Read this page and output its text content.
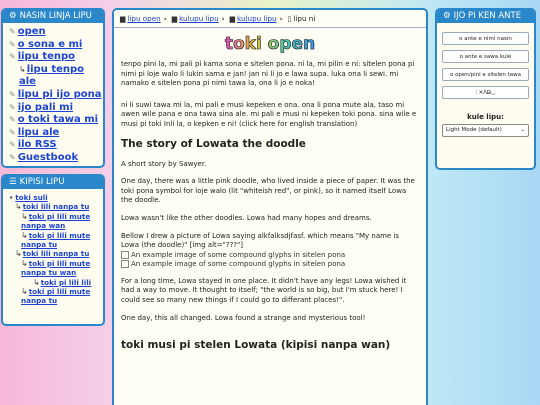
⚙ NASIN LINJA LIPU
✎ open
✎ o sona e mi
✎ lipu tenpo
↳lipu tenpo ale
✎ lipu pi ijo pona
✎ ijo pali mi
✎ o toki tawa mi
✎ lipu ale
✎ ilo RSS
✎ Guestbook
☰ KIPISI LIPU
• toki suli
↳toki lili nanpa tu
↳toki pi lili mute nanpa wan
↳toki pi lili mute nanpa tu
↳toki lili nanpa tu
↳toki pi lili mute nanpa tu wan
↳toki pi lili lili
↳toki pi lili mute nanpa tu
▆ lipu open › ▆ kulupu lipu › ▆ kulupu lipu › ▯ lipu ni
toki open

tenpo pini la, mi pali pi kama sona e sitelen pona. ni la, mi pilin e ni: sitelen pona pi nimi pi loje walo li lukin sama e jan! jan ni li jo e lawa supa. luka ona li sewi. mi namako e sitelen pona pi nimi tawa la, ona li jo e noka!

ni li suwi tawa mi la, mi pali e musi kepeken e ona. ona li pona mute ala, taso mi awen wile pana e ona tawa sina ale. mi pali e musi ni kepeken toki pona. sina wile e musi pi toki Inli la, o kepken e ni! (click here for english translation)

The story of Lowata the doodle

A short story by Sawyer.

One day, there was a little pink doodle, who lived inside a piece of paper. It was the toki pona symbol for loje walo (lit "whiteish red", or pink), so it named itself Lowa the doodle.

Lowa wasn't like the other doodles. Lowa had many hopes and dreams.

Bellow I drew a picture of Lowa saying alkfalksdjfasf. which means "My name is Lowa (the doodle)" [img alt="???"]

An example image of some compound glyphs in sitelen pona
An example image of some compound glyphs in sitelen pona

For a long time, Lowa stayed in one place. It didn't have any legs! Lowa wished it had a way to move. It thought to itself; "the world is so big, but I'm stuck here! I could see so many new things if I could go to differant places!".

One day, this all changed. Lowa found a strange and mysterious tool!

toki musi pi stelen Lowata (kipisi nanpa wan)
⚙ IJO PI KEN ANTE
o ante e nimi nasin
o ante e sawa kule
o open/pini e sitelen tawa
ᛁ✕ᐱᗷ◡
kule lipu:
Light Mode (default)	⌄
